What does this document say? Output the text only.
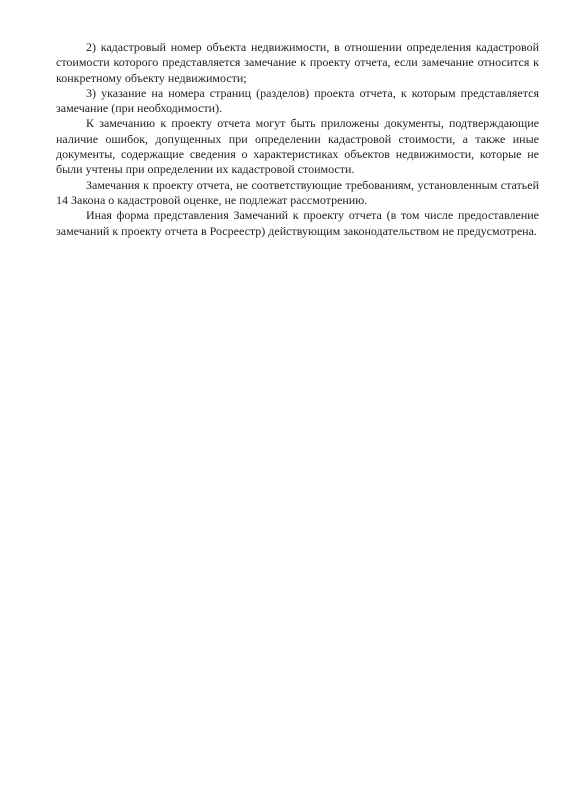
2) кадастровый номер объекта недвижимости, в отношении определения кадастровой стоимости которого представляется замечание к проекту отчета, если замечание относится к конкретному объекту недвижимости;

3) указание на номера страниц (разделов) проекта отчета, к которым представляется замечание (при необходимости).

К замечанию к проекту отчета могут быть приложены документы, подтверждающие наличие ошибок, допущенных при определении кадастровой стоимости, а также иные документы, содержащие сведения о характеристиках объектов недвижимости, которые не были учтены при определении их кадастровой стоимости.

Замечания к проекту отчета, не соответствующие требованиям, установленным статьей 14 Закона о кадастровой оценке, не подлежат рассмотрению.

Иная форма представления Замечаний к проекту отчета (в том числе предоставление замечаний к проекту отчета в Росреестр) действующим законодательством не предусмотрена.
